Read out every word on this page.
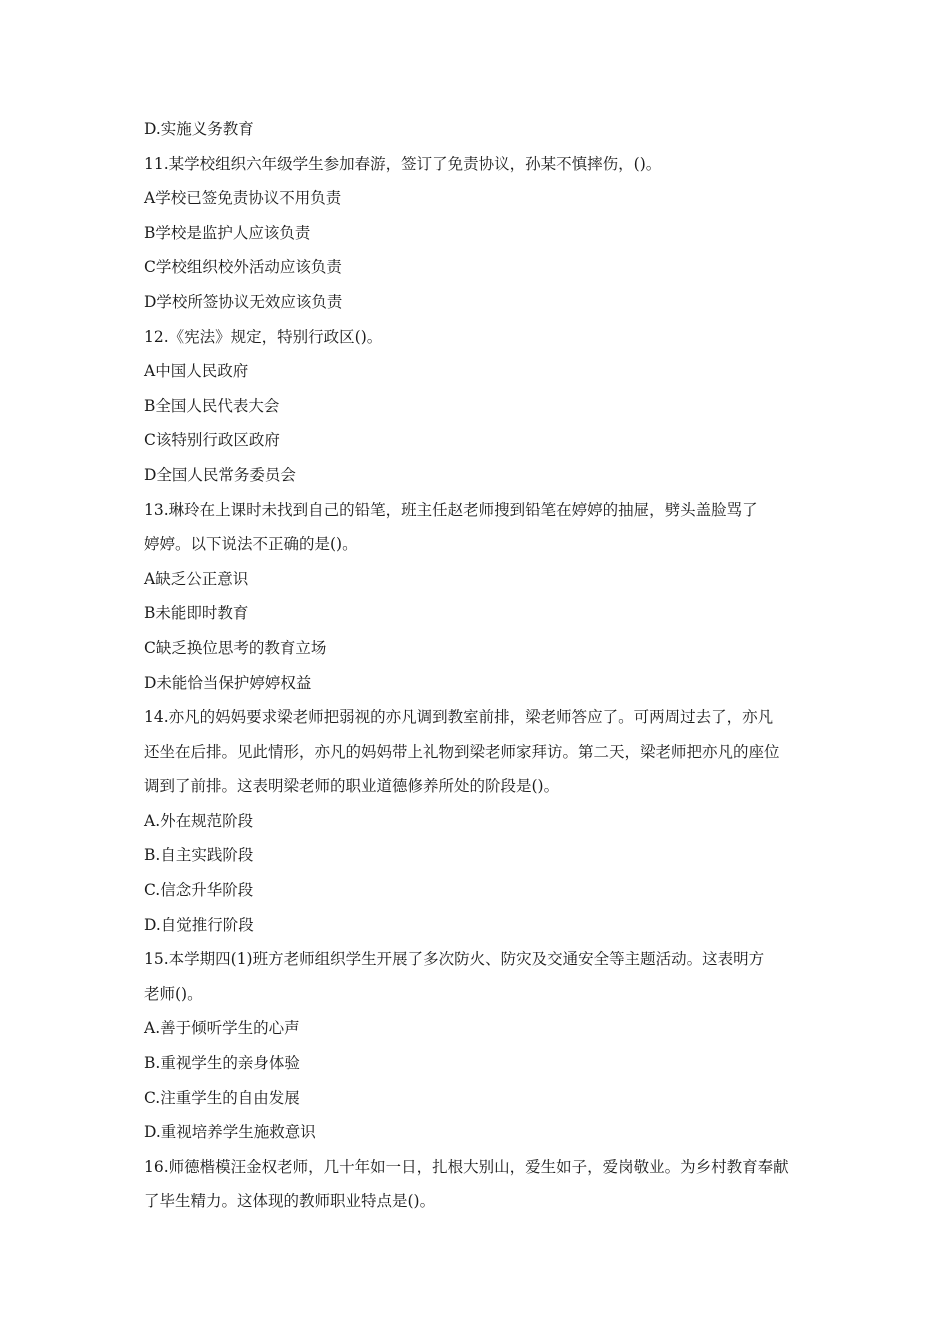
D.实施义务教育

11.某学校组织六年级学生参加春游，签订了免责协议，孙某不慎摔伤，()。

A学校已签免责协议不用负责

B学校是监护人应该负责

C学校组织校外活动应该负责

D学校所签协议无效应该负责

12.《宪法》规定，特别行政区()。

A中国人民政府

B全国人民代表大会

C该特别行政区政府

D全国人民常务委员会

13.琳玲在上课时未找到自己的铅笔，班主任赵老师搜到铅笔在婷婷的抽屉，劈头盖脸骂了

婷婷。以下说法不正确的是()。

A缺乏公正意识

B未能即时教育

C缺乏换位思考的教育立场

D未能恰当保护婷婷权益

14.亦凡的妈妈要求梁老师把弱视的亦凡调到教室前排，梁老师答应了。可两周过去了，亦凡

还坐在后排。见此情形，亦凡的妈妈带上礼物到梁老师家拜访。第二天，梁老师把亦凡的座位

调到了前排。这表明梁老师的职业道德修养所处的阶段是()。

A.外在规范阶段

B.自主实践阶段

C.信念升华阶段

D.自觉推行阶段

15.本学期四(1)班方老师组织学生开展了多次防火、防灾及交通安全等主题活动。这表明方

老师()。

A.善于倾听学生的心声

B.重视学生的亲身体验

C.注重学生的自由发展

D.重视培养学生施救意识

16.师德楷模汪金权老师，几十年如一日，扎根大别山，爱生如子，爱岗敬业。为乡村教育奉献

了毕生精力。这体现的教师职业特点是()。
